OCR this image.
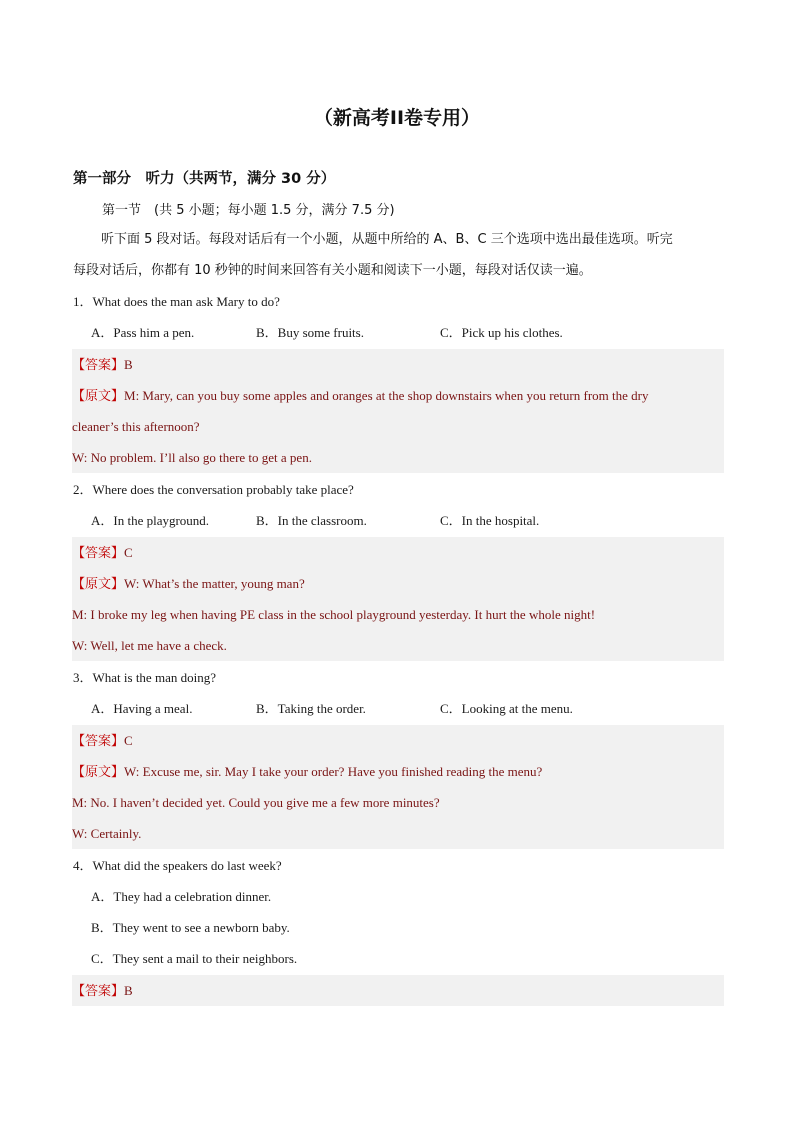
（新高考II卷专用）
第一部分　听力（共两节，满分 30 分）
第一节　(共 5 小题；每小题 1.5 分，满分 7.5 分)
听下面 5 段对话。每段对话后有一个小题，从题中所给的 A、B、C 三个选项中选出最佳选项。听完
每段对话后，你都有 10 秒钟的时间来回答有关小题和阅读下一小题，每段对话仅读一遍。
1．What does the man ask Mary to do?
A．Pass him a pen.	B．Buy some fruits.	C．Pick up his clothes.
【答案】B
【原文】M: Mary, can you buy some apples and oranges at the shop downstairs when you return from the dry
cleaner’s this afternoon?
W: No problem. I’ll also go there to get a pen.
2．Where does the conversation probably take place?
A．In the playground.	B．In the classroom.	C．In the hospital.
【答案】C
【原文】W: What’s the matter, young man?
M: I broke my leg when having PE class in the school playground yesterday. It hurt the whole night!
W: Well, let me have a check.
3．What is the man doing?
A．Having a meal.	B．Taking the order.	C．Looking at the menu.
【答案】C
【原文】W: Excuse me, sir. May I take your order? Have you finished reading the menu?
M: No. I haven’t decided yet. Could you give me a few more minutes?
W: Certainly.
4．What did the speakers do last week?
A．They had a celebration dinner.
B．They went to see a newborn baby.
C．They sent a mail to their neighbors.
【答案】B
